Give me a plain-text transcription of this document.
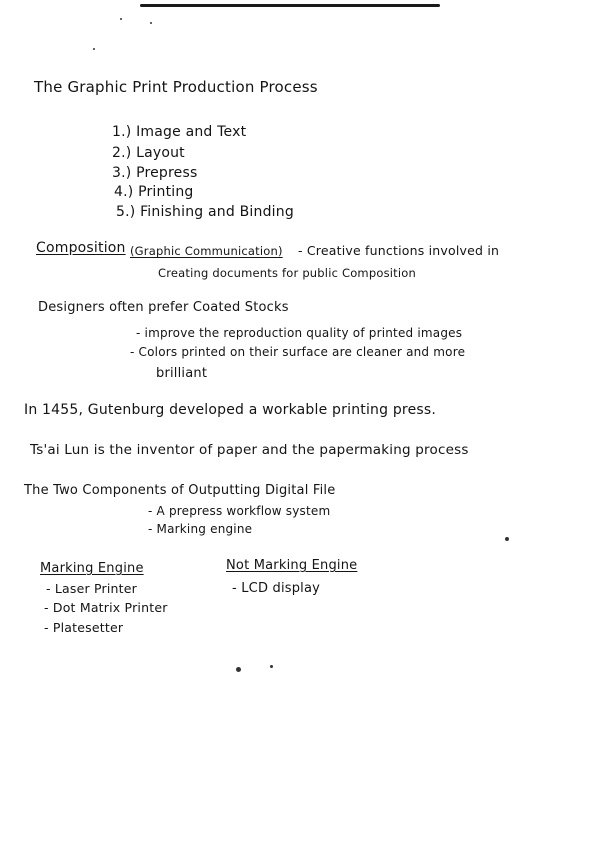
The Graphic Print Production Process
1.) Image and Text
2.) Layout
3.) Prepress
4.) Printing
5.) Finishing and Binding
Composition (Graphic Communication) - Creative functions involved in
Creating documents for public Composition
Designers often prefer Coated Stocks
- improve the reproduction quality of printed images
- Colors printed on their surface are cleaner and more
brilliant
In 1455, Gutenburg developed a workable printing press.
Ts'ai Lun is the inventor of paper and the papermaking process
The Two Components of Outputting Digital File
- A prepress workflow system
- Marking engine
Marking Engine
- Laser Printer
- Dot Matrix Printer
- Platesetter
Not Marking Engine
- LCD display
